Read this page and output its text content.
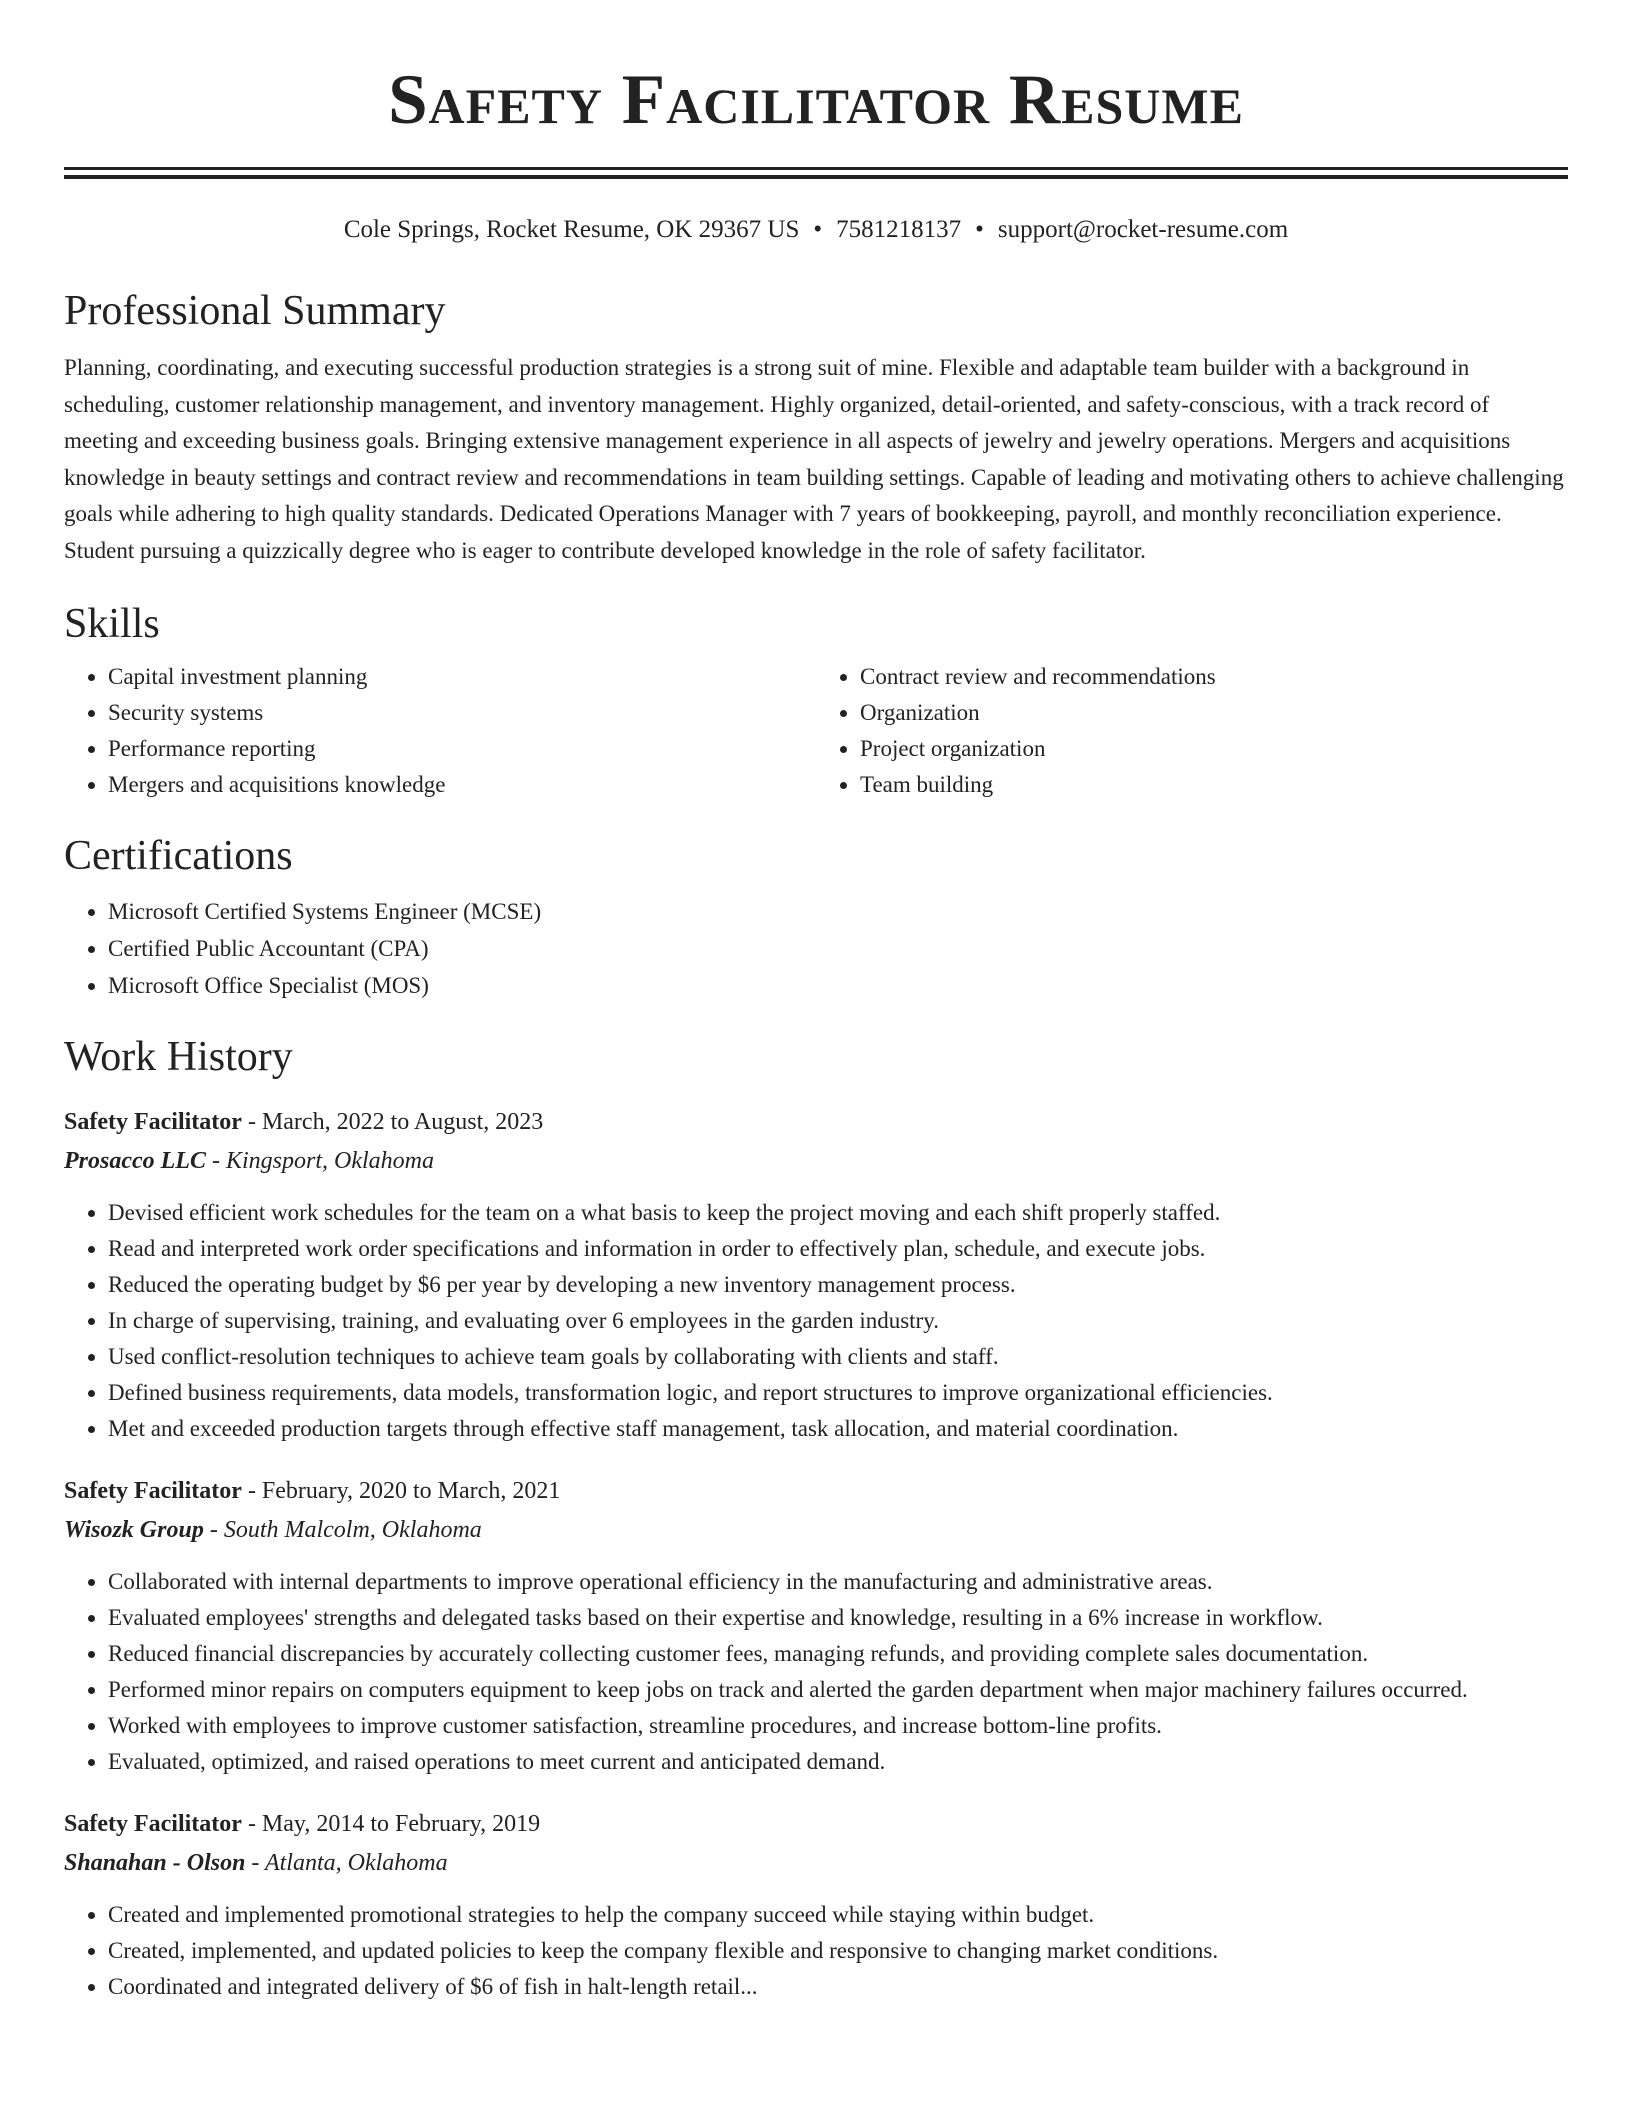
Safety Facilitator Resume
Cole Springs, Rocket Resume, OK 29367 US • 7581218137 • support@rocket-resume.com
Professional Summary

Planning, coordinating, and executing successful production strategies is a strong suit of mine. Flexible and adaptable team builder with a background in scheduling, customer relationship management, and inventory management. Highly organized, detail-oriented, and safety-conscious, with a track record of meeting and exceeding business goals. Bringing extensive management experience in all aspects of jewelry and jewelry operations. Mergers and acquisitions knowledge in beauty settings and contract review and recommendations in team building settings. Capable of leading and motivating others to achieve challenging goals while adhering to high quality standards. Dedicated Operations Manager with 7 years of bookkeeping, payroll, and monthly reconciliation experience. Student pursuing a quizzically degree who is eager to contribute developed knowledge in the role of safety facilitator.

Skills
• Capital investment planning
• Security systems
• Performance reporting
• Mergers and acquisitions knowledge
• Contract review and recommendations
• Organization
• Project organization
• Team building
Certifications
• Microsoft Certified Systems Engineer (MCSE)
• Certified Public Accountant (CPA)
• Microsoft Office Specialist (MOS)
Work History
Safety Facilitator - March, 2022 to August, 2023
Prosacco LLC - Kingsport, Oklahoma
• Devised efficient work schedules for the team on a what basis to keep the project moving and each shift properly staffed.
• Read and interpreted work order specifications and information in order to effectively plan, schedule, and execute jobs.
• Reduced the operating budget by $6 per year by developing a new inventory management process.
• In charge of supervising, training, and evaluating over 6 employees in the garden industry.
• Used conflict-resolution techniques to achieve team goals by collaborating with clients and staff.
• Defined business requirements, data models, transformation logic, and report structures to improve organizational efficiencies.
• Met and exceeded production targets through effective staff management, task allocation, and material coordination.
Safety Facilitator - February, 2020 to March, 2021
Wisozk Group - South Malcolm, Oklahoma
• Collaborated with internal departments to improve operational efficiency in the manufacturing and administrative areas.
• Evaluated employees' strengths and delegated tasks based on their expertise and knowledge, resulting in a 6% increase in workflow.
• Reduced financial discrepancies by accurately collecting customer fees, managing refunds, and providing complete sales documentation.
• Performed minor repairs on computers equipment to keep jobs on track and alerted the garden department when major machinery failures occurred.
• Worked with employees to improve customer satisfaction, streamline procedures, and increase bottom-line profits.
• Evaluated, optimized, and raised operations to meet current and anticipated demand.
Safety Facilitator - May, 2014 to February, 2019
Shanahan - Olson - Atlanta, Oklahoma
• Created and implemented promotional strategies to help the company succeed while staying within budget.
• Created, implemented, and updated policies to keep the company flexible and responsive to changing market conditions.
• Coordinated and integrated delivery of $6 of fish in halt-length retail...
